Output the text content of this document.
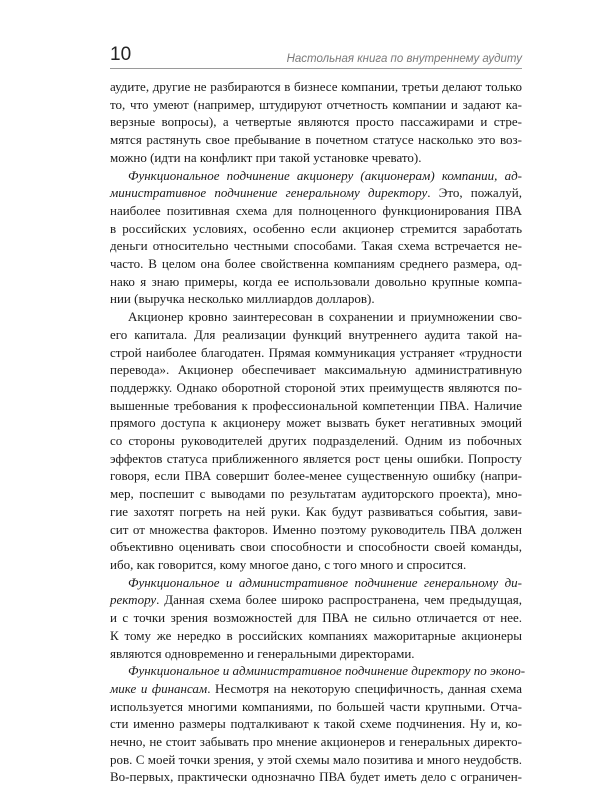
10	Настольная книга по внутреннему аудиту
аудите, другие не разбираются в бизнесе компании, третьи делают только
то, что умеют (например, штудируют отчетность компании и задают ка-
верзные вопросы), а четвертые являются просто пассажирами и стре-
мятся растянуть свое пребывание в почетном статусе насколько это воз-
можно (идти на конфликт при такой установке чревато).
Функциональное подчинение акционеру (акционерам) компании, ад-
министративное подчинение генеральному директору. Это, пожалуй,
наиболее позитивная схема для полноценного функционирования ПВА
в российских условиях, особенно если акционер стремится заработать
деньги относительно честными способами. Такая схема встречается не-
часто. В целом она более свойственна компаниям среднего размера, од-
нако я знаю примеры, когда ее использовали довольно крупные компа-
нии (выручка несколько миллиардов долларов).
Акционер кровно заинтересован в сохранении и приумножении сво-
его капитала. Для реализации функций внутреннего аудита такой на-
строй наиболее благодатен. Прямая коммуникация устраняет «трудности
перевода». Акционер обеспечивает максимальную административную
поддержку. Однако оборотной стороной этих преимуществ являются по-
вышенные требования к профессиональной компетенции ПВА. Наличие
прямого доступа к акционеру может вызвать букет негативных эмоций
со стороны руководителей других подразделений. Одним из побочных
эффектов статуса приближенного является рост цены ошибки. Попросту
говоря, если ПВА совершит более-менее существенную ошибку (напри-
мер, поспешит с выводами по результатам аудиторского проекта), мно-
гие захотят погреть на ней руки. Как будут развиваться события, зави-
сит от множества факторов. Именно поэтому руководитель ПВА должен
объективно оценивать свои способности и способности своей команды,
ибо, как говорится, кому многое дано, с того много и спросится.
Функциональное и административное подчинение генеральному ди-
ректору. Данная схема более широко распространена, чем предыдущая,
и с точки зрения возможностей для ПВА не сильно отличается от нее.
К тому же нередко в российских компаниях мажоритарные акционеры
являются одновременно и генеральными директорами.
Функциональное и административное подчинение директору по эконо-
мике и финансам. Несмотря на некоторую специфичность, данная схема
используется многими компаниями, по большей части крупными. Отча-
сти именно размеры подталкивают к такой схеме подчинения. Ну и, ко-
нечно, не стоит забывать про мнение акционеров и генеральных директо-
ров. С моей точки зрения, у этой схемы мало позитива и много неудобств.
Во-первых, практически однозначно ПВА будет иметь дело с ограничен-
